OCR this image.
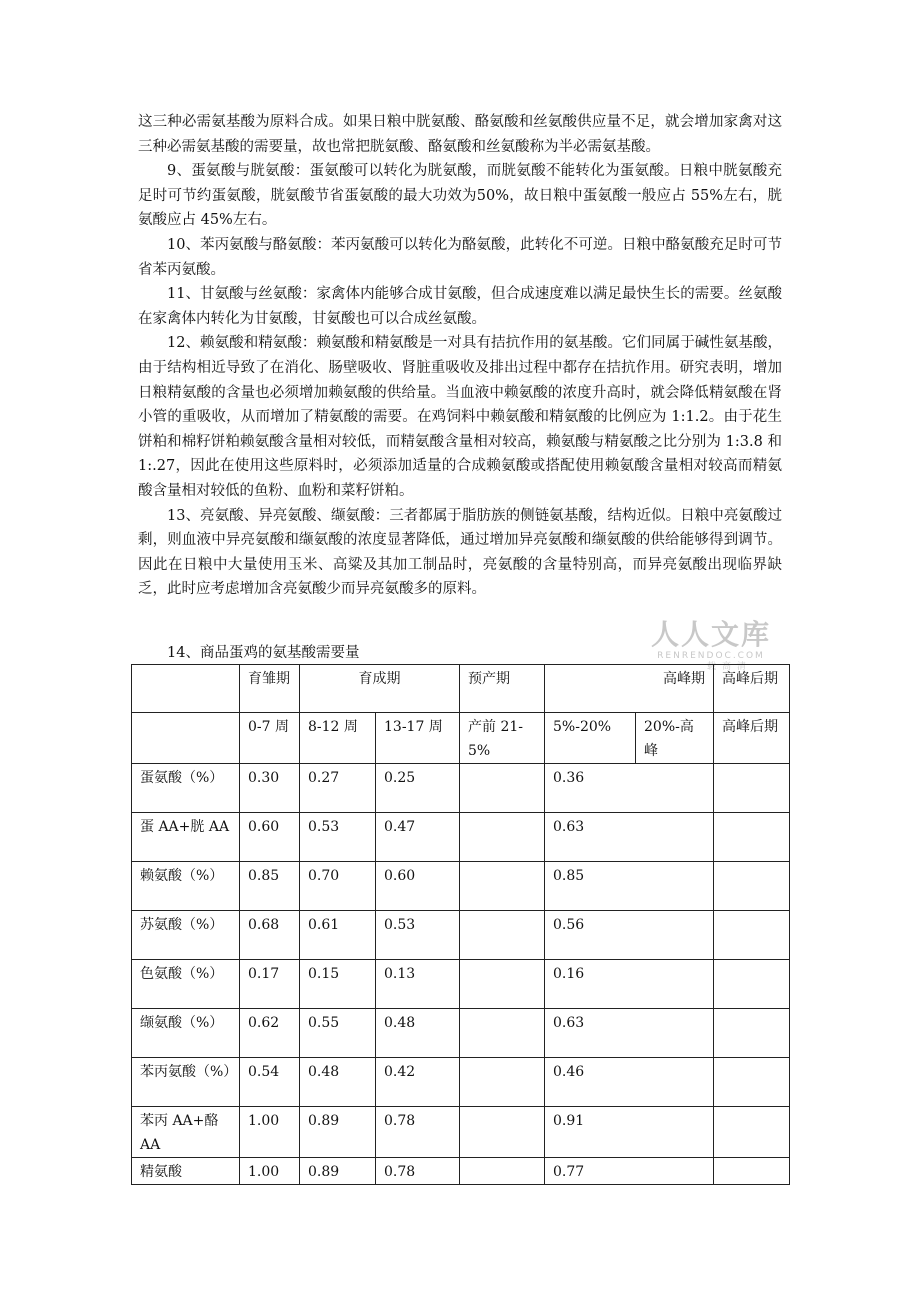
这三种必需氨基酸为原料合成。如果日粮中胱氨酸、酪氨酸和丝氨酸供应量不足，就会增加家禽对这三种必需氨基酸的需要量，故也常把胱氨酸、酪氨酸和丝氨酸称为半必需氨基酸。

9、蛋氨酸与胱氨酸：蛋氨酸可以转化为胱氨酸，而胱氨酸不能转化为蛋氨酸。日粮中胱氨酸充足时可节约蛋氨酸，胱氨酸节省蛋氨酸的最大功效为50%，故日粮中蛋氨酸一般应占 55%左右，胱氨酸应占 45%左右。

10、苯丙氨酸与酪氨酸：苯丙氨酸可以转化为酪氨酸，此转化不可逆。日粮中酪氨酸充足时可节省苯丙氨酸。

11、甘氨酸与丝氨酸：家禽体内能够合成甘氨酸，但合成速度难以满足最快生长的需要。丝氨酸在家禽体内转化为甘氨酸，甘氨酸也可以合成丝氨酸。

12、赖氨酸和精氨酸：赖氨酸和精氨酸是一对具有拮抗作用的氨基酸。它们同属于碱性氨基酸，由于结构相近导致了在消化、肠壁吸收、肾脏重吸收及排出过程中都存在拮抗作用。研究表明，增加日粮精氨酸的含量也必须增加赖氨酸的供给量。当血液中赖氨酸的浓度升高时，就会降低精氨酸在肾小管的重吸收，从而增加了精氨酸的需要。在鸡饲料中赖氨酸和精氨酸的比例应为 1:1.2。由于花生饼粕和棉籽饼粕赖氨酸含量相对较低，而精氨酸含量相对较高，赖氨酸与精氨酸之比分别为 1:3.8 和 1:.27，因此在使用这些原料时，必须添加适量的合成赖氨酸或搭配使用赖氨酸含量相对较高而精氨酸含量相对较低的鱼粉、血粉和菜籽饼粕。

13、亮氨酸、异亮氨酸、缬氨酸：三者都属于脂肪族的侧链氨基酸，结构近似。日粮中亮氨酸过剩，则血液中异亮氨酸和缬氨酸的浓度显著降低，通过增加异亮氨酸和缬氨酸的供给能够得到调节。因此在日粮中大量使用玉米、高粱及其加工制品时，亮氨酸的含量特别高，而异亮氨酸出现临界缺乏，此时应考虑增加含亮氨酸少而异亮氨酸多的原料。

14、商品蛋鸡的氨基酸需要量
人人文库
RENRENDOC.COM
载高清
	育雏期	育成期		预产期	高峰期		高峰后期
	0-7 周	8-12 周	13-17 周	产前 21-5%	5%-20%	20%-高峰	高峰后期
蛋氨酸（%）	0.30	0.27	0.25		0.36		
蛋 AA+胱 AA	0.60	0.53	0.47		0.63		
赖氨酸（%）	0.85	0.70	0.60		0.85		
苏氨酸（%）	0.68	0.61	0.53		0.56		
色氨酸（%）	0.17	0.15	0.13		0.16		
缬氨酸（%）	0.62	0.55	0.48		0.63		
苯丙氨酸（%）	0.54	0.48	0.42		0.46		
苯丙 AA+酪 AA	1.00	0.89	0.78		0.91		
精氨酸	1.00	0.89	0.78		0.77		
